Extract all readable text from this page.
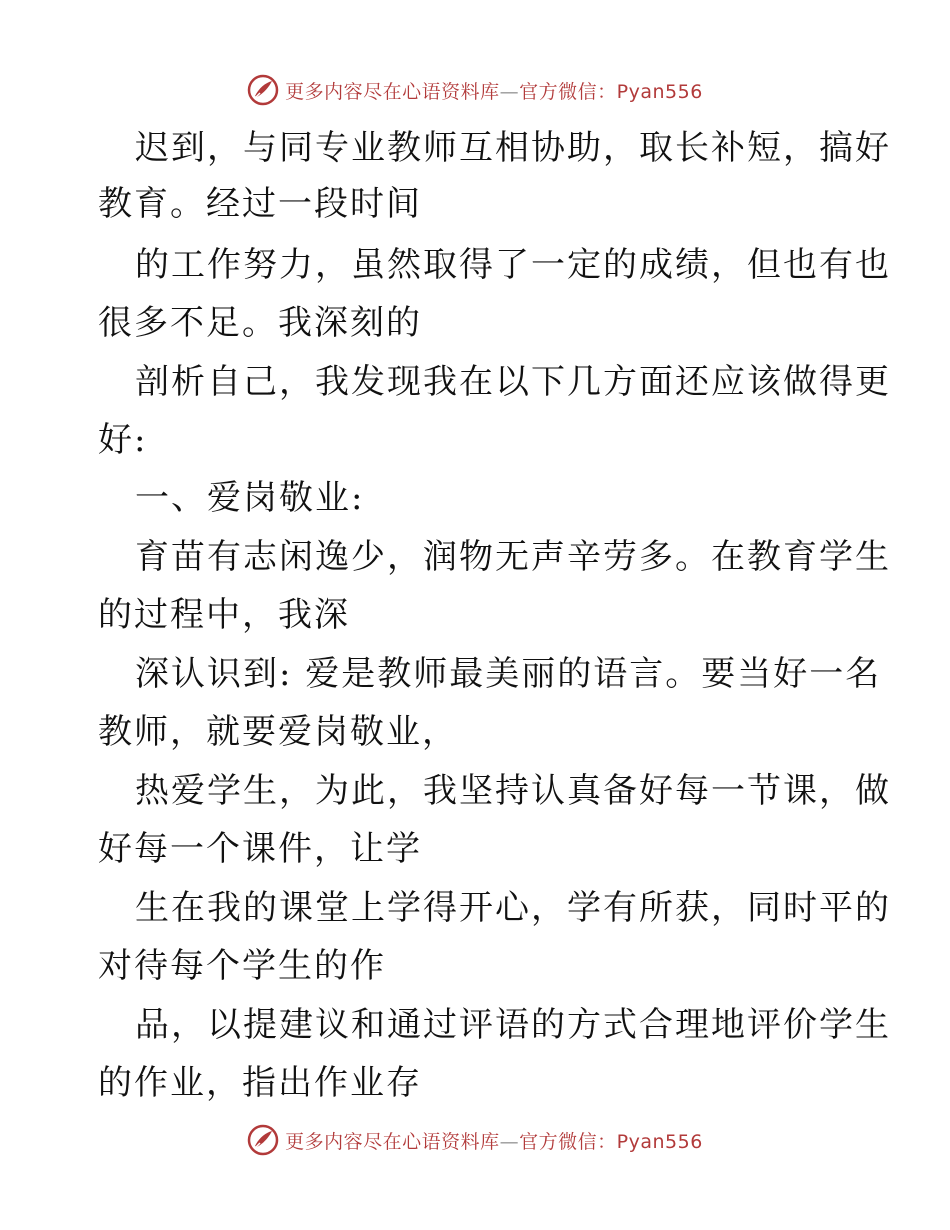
更多内容尽在心语资料库—官方微信：Pyan556
迟到，与同专业教师互相协助，取长补短，搞好
教育。经过一段时间
的工作努力，虽然取得了一定的成绩，但也有也
很多不足。我深刻的
剖析自己，我发现我在以下几方面还应该做得更
好:
一、爱岗敬业:
育苗有志闲逸少，润物无声辛劳多。在教育学生
的过程中，我深
深认识到: 爱是教师最美丽的语言。要当好一名
教师，就要爱岗敬业，
热爱学生，为此，我坚持认真备好每一节课，做
好每一个课件，让学
生在我的课堂上学得开心，学有所获，同时平的
对待每个学生的作
品，以提建议和通过评语的方式合理地评价学生
的作业，指出作业存
更多内容尽在心语资料库—官方微信：Pyan556
